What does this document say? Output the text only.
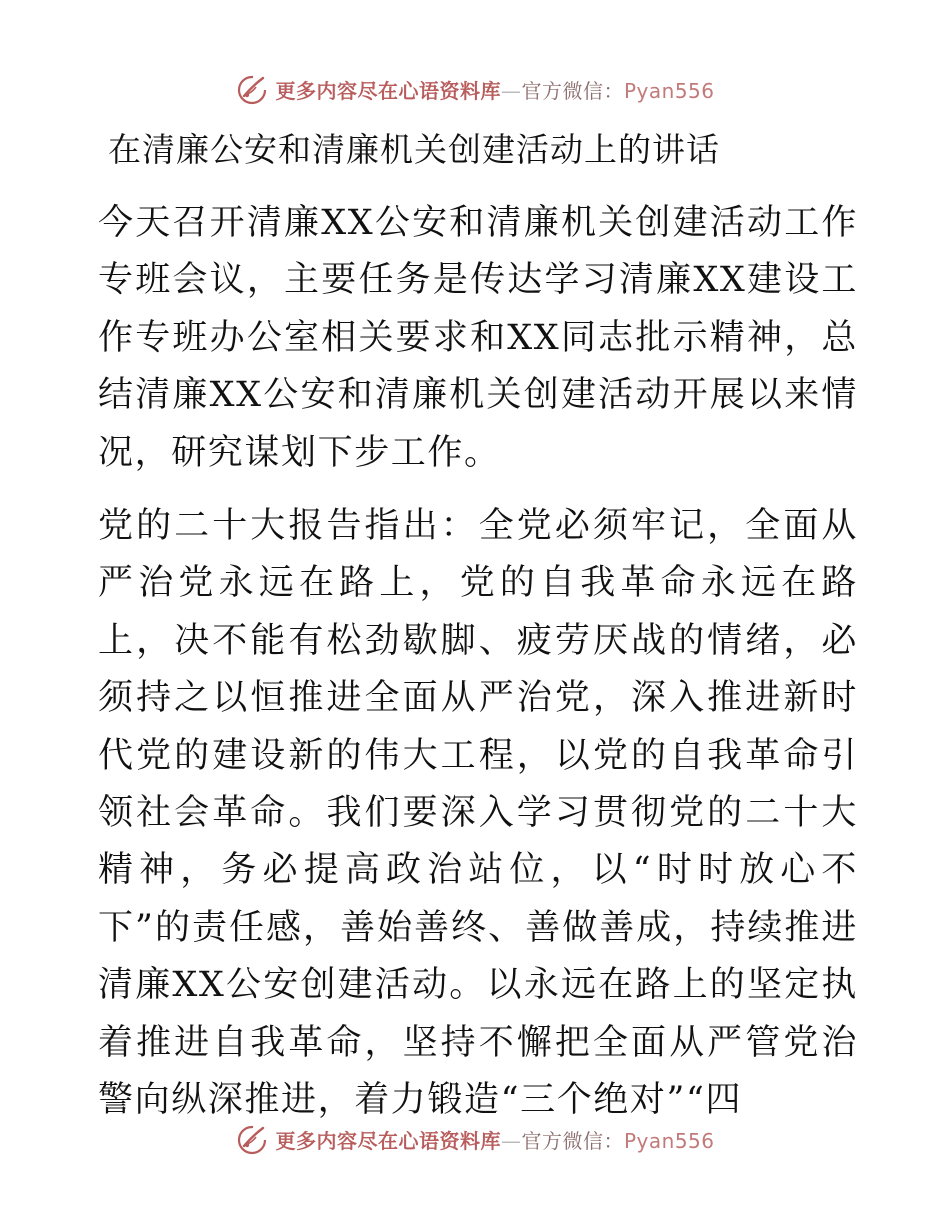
更多内容尽在心语资料库—官方微信：Pyan556
在清廉公安和清廉机关创建活动上的讲话
今天召开清廉XX公安和清廉机关创建活动工作专班会议，主要任务是传达学习清廉XX建设工作专班办公室相关要求和XX同志批示精神，总结清廉XX公安和清廉机关创建活动开展以来情况，研究谋划下步工作。
党的二十大报告指出：全党必须牢记，全面从严治党永远在路上，党的自我革命永远在路上，决不能有松劲歇脚、疲劳厌战的情绪，必须持之以恒推进全面从严治党，深入推进新时代党的建设新的伟大工程，以党的自我革命引领社会革命。我们要深入学习贯彻党的二十大精神，务必提高政治站位，以“时时放心不下”的责任感，善始善终、善做善成，持续推进清廉XX公安创建活动。以永远在路上的坚定执着推进自我革命，坚持不懈把全面从严管党治警向纵深推进，着力锻造“三个绝对”“四
更多内容尽在心语资料库—官方微信：Pyan556
